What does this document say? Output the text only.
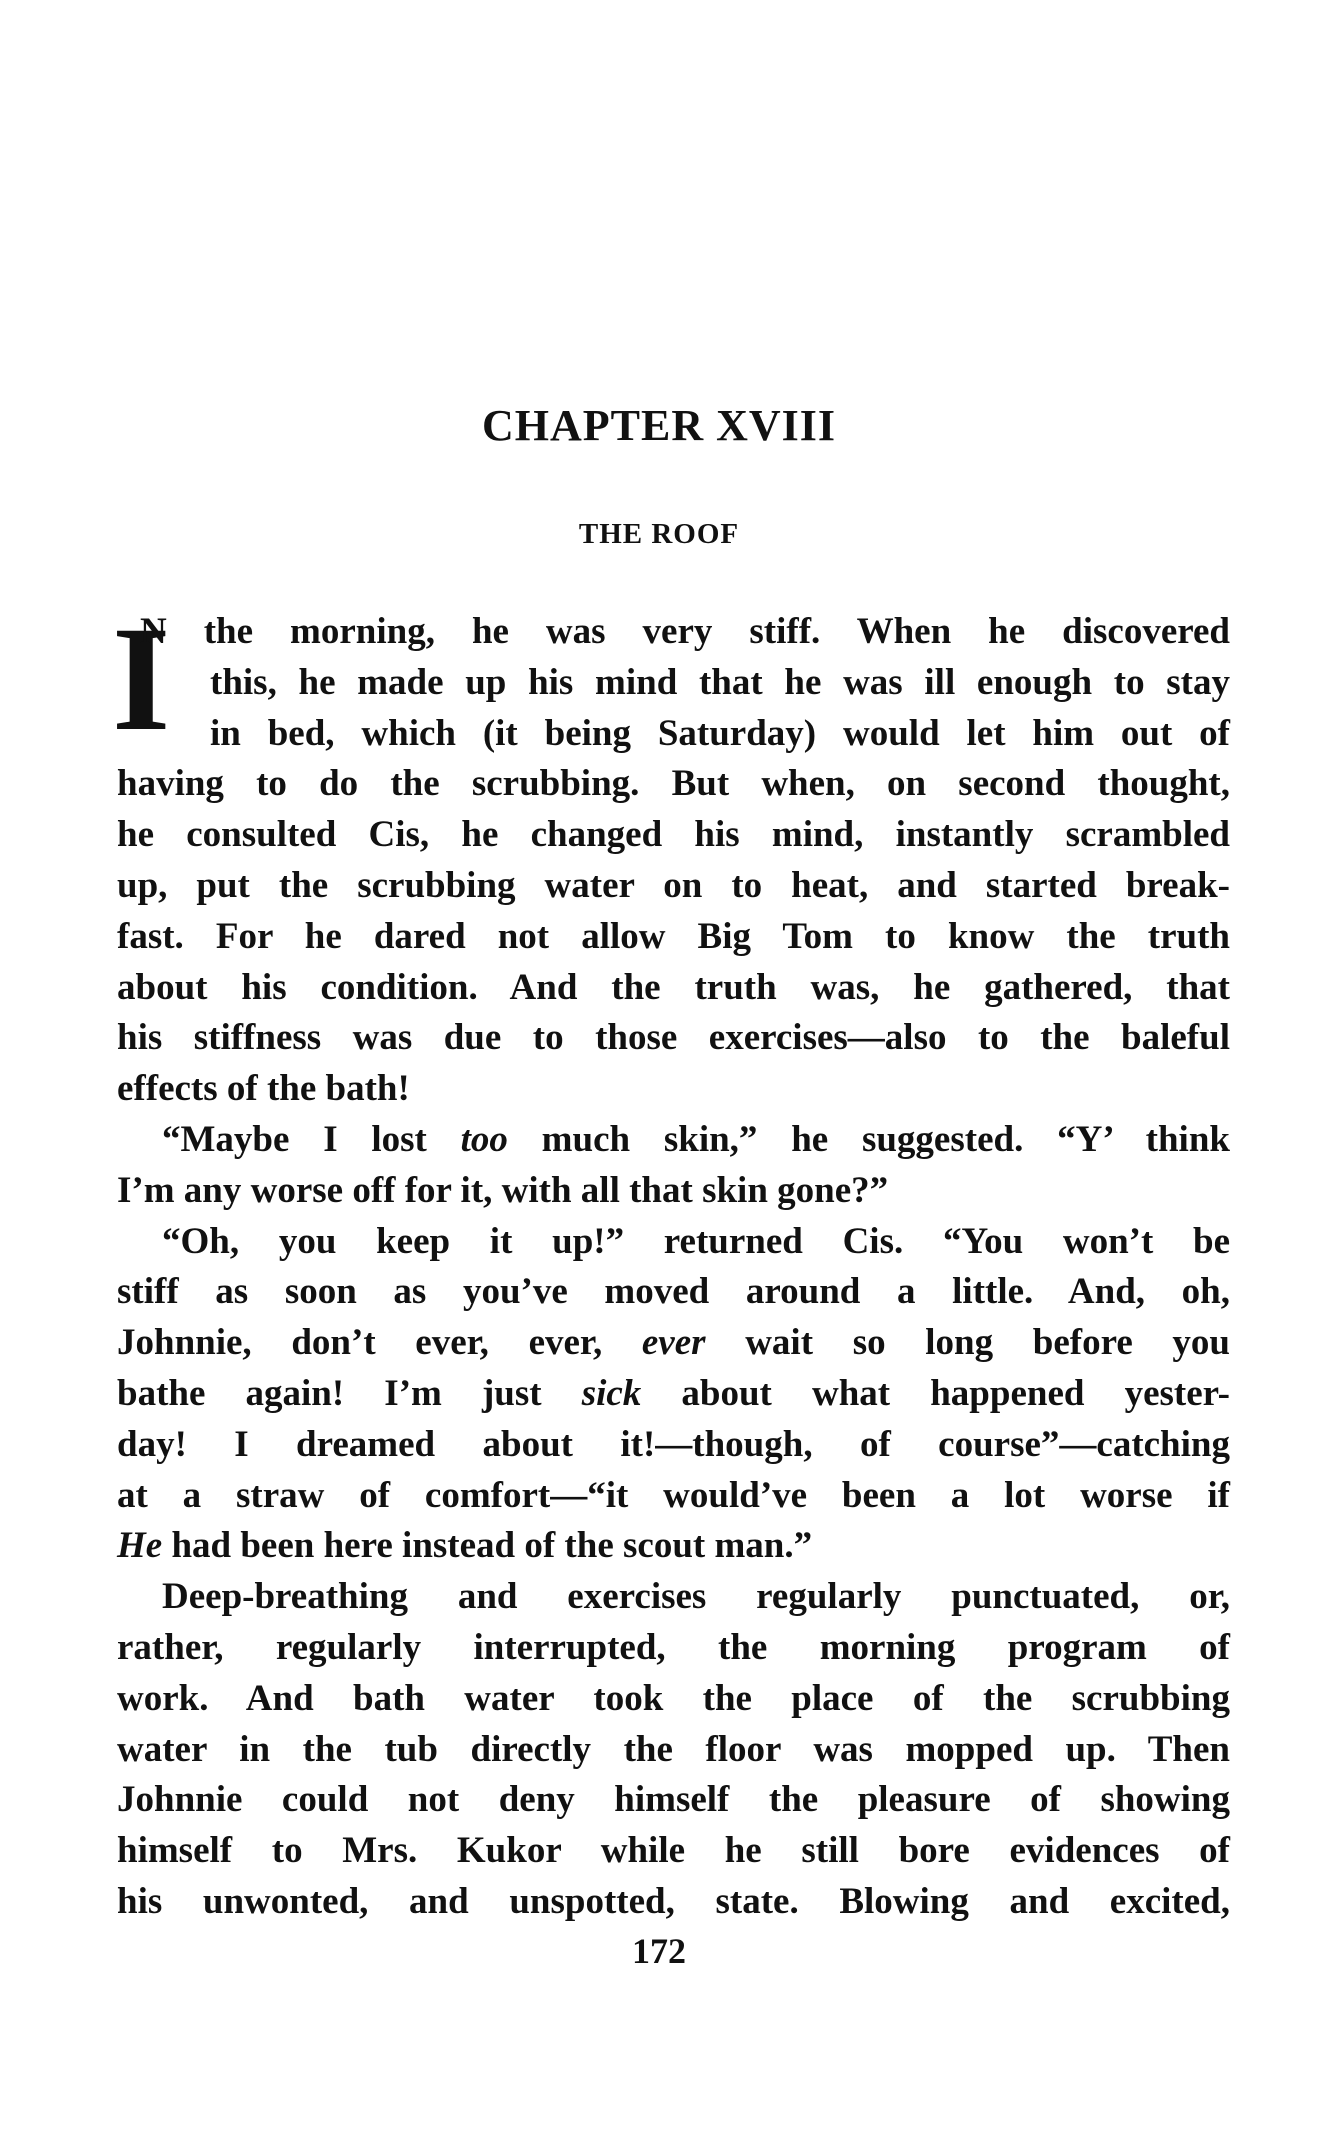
CHAPTER XVIII
THE ROOF
I
N the morning, he was very stiff. When he discovered
this, he made up his mind that he was ill enough to stay
in bed, which (it being Saturday) would let him out of
having to do the scrubbing. But when, on second thought,
he consulted Cis, he changed his mind, instantly scrambled
up, put the scrubbing water on to heat, and started break-
fast. For he dared not allow Big Tom to know the truth
about his condition. And the truth was, he gathered, that
his stiffness was due to those exercises—also to the baleful
effects of the bath!
“Maybe I lost too much skin,” he suggested. “Y’ think
I’m any worse off for it, with all that skin gone?”
“Oh, you keep it up!” returned Cis. “You won’t be
stiff as soon as you’ve moved around a little. And, oh,
Johnnie, don’t ever, ever, ever wait so long before you
bathe again! I’m just sick about what happened yester-
day! I dreamed about it!—though, of course”—catching
at a straw of comfort—“it would’ve been a lot worse if
He had been here instead of the scout man.”
Deep-breathing and exercises regularly punctuated, or,
rather, regularly interrupted, the morning program of
work. And bath water took the place of the scrubbing
water in the tub directly the floor was mopped up. Then
Johnnie could not deny himself the pleasure of showing
himself to Mrs. Kukor while he still bore evidences of
his unwonted, and unspotted, state. Blowing and excited,
172
